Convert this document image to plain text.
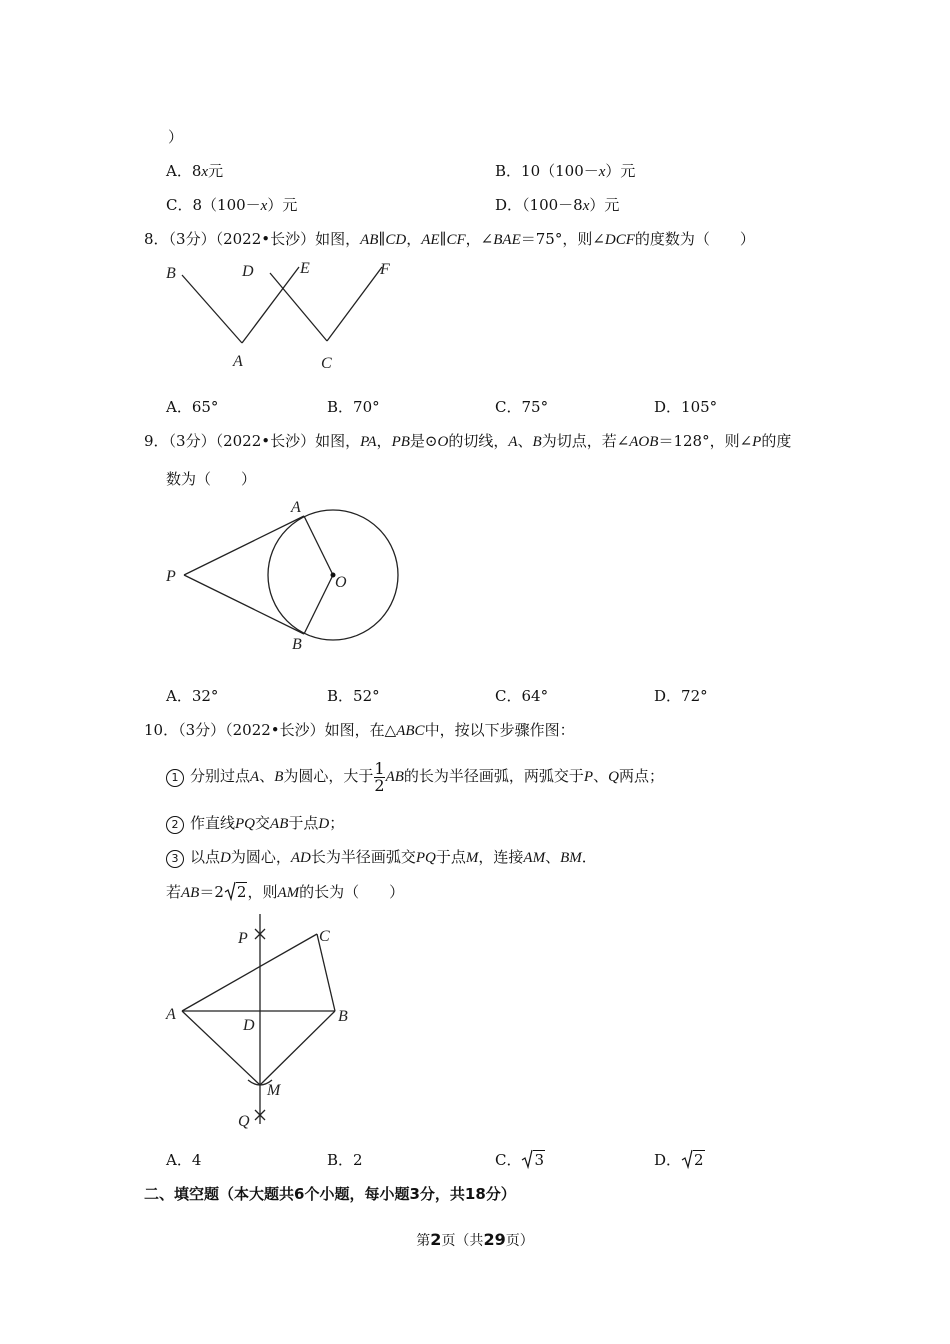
）
A．8x元	B．10（100－x）元
C．8（100－x）元	D．（100－8x）元
8．（3分）（2022•长沙）如图，AB∥CD，AE∥CF，∠BAE＝75°，则∠DCF的度数为（　　）
B	D	E	F
A	C
A．65°	B．70°	C．75°	D．105°
9．（3分）（2022•长沙）如图，PA，PB是⊙O的切线，A、B为切点，若∠AOB＝128°，则∠P的度
数为（　　）
A
P	O
B
A．32°	B．52°	C．64°	D．72°
10．（3分）（2022•长沙）如图，在△ABC中，按以下步骤作图：
1 分别过点A、B为圆心，大于 $\frac{1}{2}$ AB的长为半径画弧，两弧交于P、Q两点；
2 作直线PQ交AB于点D；
3 以点D为圆心，AD长为半径画弧交PQ于点M，连接AM、BM．
若AB＝2 2，则AM的长为（　　）
P	C
A
D
B
M
Q
A．4	B．2	C． 3	D． 2
二、填空题（本大题共6个小题，每小题3分，共18分）
第2页（共29页）
